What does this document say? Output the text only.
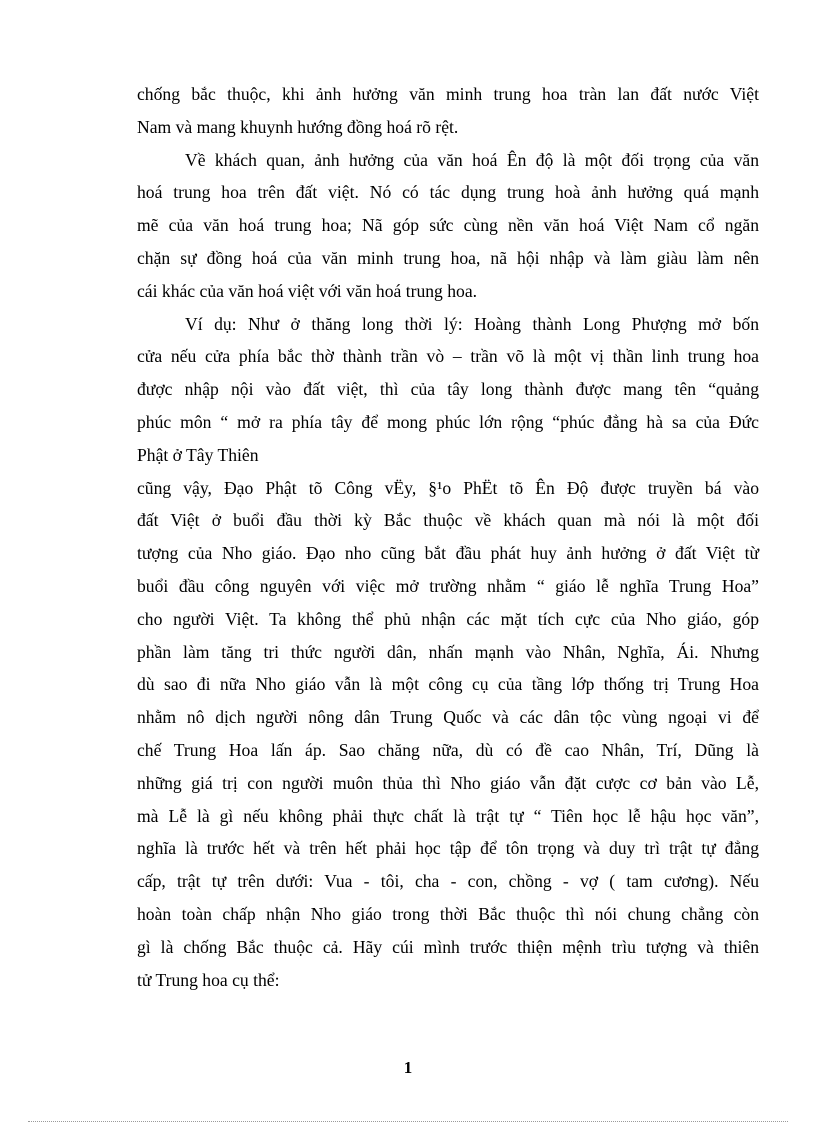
chống bắc thuộc, khi ảnh hưởng văn minh trung hoa tràn lan đất nước Việt
Nam và mang khuynh hướng đồng hoá rõ rệt.
Về khách quan, ảnh hưởng của văn hoá Ên độ là một đối trọng của văn
hoá trung hoa trên đất việt. Nó có tác dụng trung hoà ảnh hưởng quá mạnh
mẽ của văn hoá trung hoa; Nã góp sức cùng nền văn hoá Việt Nam cổ ngăn
chặn sự đồng hoá của văn minh trung hoa, nã hội nhập và làm giàu làm nên
cái khác của văn hoá việt với văn hoá trung hoa.
Ví dụ: Như ở thăng long thời lý: Hoàng thành Long Phượng mở bốn
cửa nếu cửa phía bắc thờ thành trần vò – trần võ là một vị thần linh trung hoa
được nhập nội vào đất việt, thì của tây long thành được mang tên “quảng
phúc môn “ mở ra phía tây để mong phúc lớn rộng “phúc đẳng hà sa của Đức
Phật ở Tây Thiên
cũng vậy, Đạo Phật tõ Công vËy, §¹o PhËt tõ Ên Độ được truyền bá vào
đất Việt ở buổi đầu thời kỳ Bắc thuộc về khách quan mà nói là một đối
tượng của Nho giáo. Đạo nho cũng bắt đầu phát huy ảnh hưởng ở đất Việt từ
buổi đầu công nguyên với việc mở trường nhằm “ giáo lễ nghĩa Trung Hoa”
cho người Việt. Ta không thể phủ nhận các mặt tích cực của Nho giáo, góp
phần làm tăng tri thức người dân, nhấn mạnh vào Nhân, Nghĩa, Ái. Nhưng
dù sao đi nữa Nho giáo vẫn là một công cụ của tầng lớp thống trị Trung Hoa
nhằm nô dịch người nông dân Trung Quốc và các dân tộc vùng ngoại vi để
chế Trung Hoa lấn áp. Sao chăng nữa, dù có đề cao Nhân, Trí, Dũng là
những giá trị con người muôn thủa thì Nho giáo vẫn đặt cược cơ bản vào Lễ,
mà Lễ là gì nếu không phải thực chất là trật tự “ Tiên học lễ hậu học văn”,
nghĩa là trước hết và trên hết phải học tập để tôn trọng và duy trì trật tự đẳng
cấp, trật tự trên dưới: Vua - tôi, cha - con, chồng - vợ ( tam cương). Nếu
hoàn toàn chấp nhận Nho giáo trong thời Bắc thuộc thì nói chung chẳng còn
gì là chống Bắc thuộc cả. Hãy cúi mình trước thiện mệnh trìu tượng và thiên
tử Trung hoa cụ thể:
1
